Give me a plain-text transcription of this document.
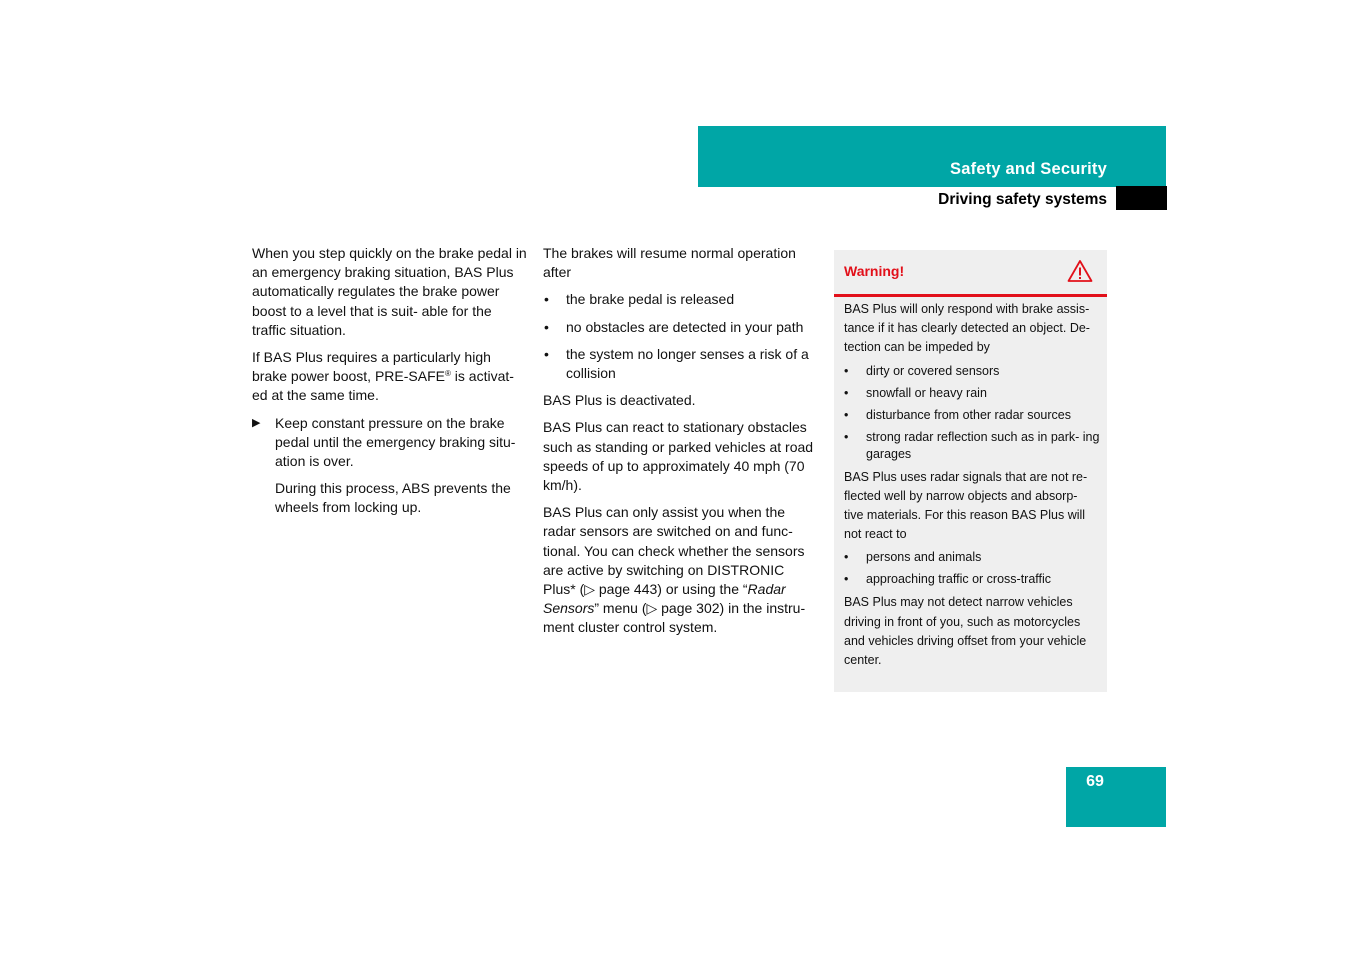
Safety and Security
Driving safety systems

When you step quickly on the brake pedal in an emergency braking situation, BAS Plus automatically regulates the brake power boost to a level that is suit- able for the traffic situation.

If BAS Plus requires a particularly high brake power boost, PRE-SAFE® is activat- ed at the same time.

▶ Keep constant pressure on the brake pedal until the emergency braking situ- ation is over.

During this process, ABS prevents the wheels from locking up.

The brakes will resume normal operation after

• the brake pedal is released
• no obstacles are detected in your path
• the system no longer senses a risk of a collision

BAS Plus is deactivated.

BAS Plus can react to stationary obstacles such as standing or parked vehicles at road speeds of up to approximately 40 mph (70 km/h).

BAS Plus can only assist you when the radar sensors are switched on and func- tional. You can check whether the sensors are active by switching on DISTRONIC Plus* (▷ page 443) or using the “Radar Sensors” menu (▷ page 302) in the instru- ment cluster control system.

Warning!

BAS Plus will only respond with brake assis- tance if it has clearly detected an object. De- tection can be impeded by

• dirty or covered sensors
• snowfall or heavy rain
• disturbance from other radar sources
• strong radar reflection such as in park- ing garages

BAS Plus uses radar signals that are not re- flected well by narrow objects and absorp- tive materials. For this reason BAS Plus will not react to

• persons and animals
• approaching traffic or cross-traffic

BAS Plus may not detect narrow vehicles driving in front of you, such as motorcycles and vehicles driving offset from your vehicle center.

69
